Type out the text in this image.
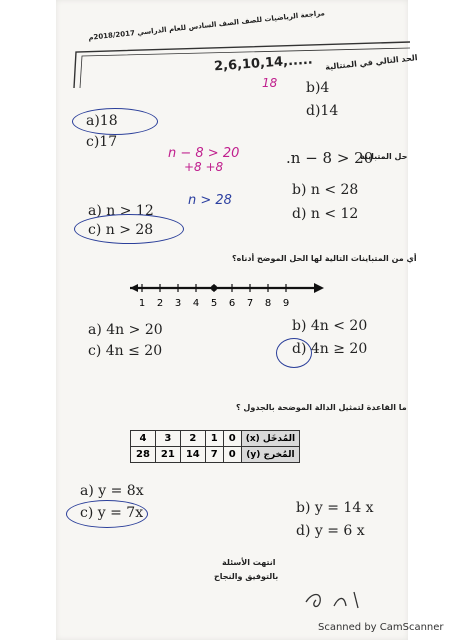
مراجعة الرياضيات للصف الصف السادس للعام الدراسي 2018/2017م
الحد التالي في المتتالية
2,6,10,14,.....
18 b)4
d)14
a)18
c)17
n − 8 > 20
+8 +8	.n − 8 > 20
حل المتباينة
b) n < 28
n > 28
a) n > 12	d) n < 12
c) n > 28
أي من المتباينات التالية لها الحل الموضح أدناه؟
1 2 3 4 5 6 7 8 9
a) 4n > 20	b) 4n < 20
c) 4n ≤ 20	d) 4n ≥ 20
ما القاعدة لتمثيل الدالة الموضحة بالجدول ؟
4	3	2	1	0	المُدخَل (x)
28	21	14	7	0	المُخرج (y)
a) y = 8x
b) y = 14 x
c) y = 7x
d) y = 6 x
انتهت الأسئلة
بالتوفيق والنجاح
Scanned by CamScanner
